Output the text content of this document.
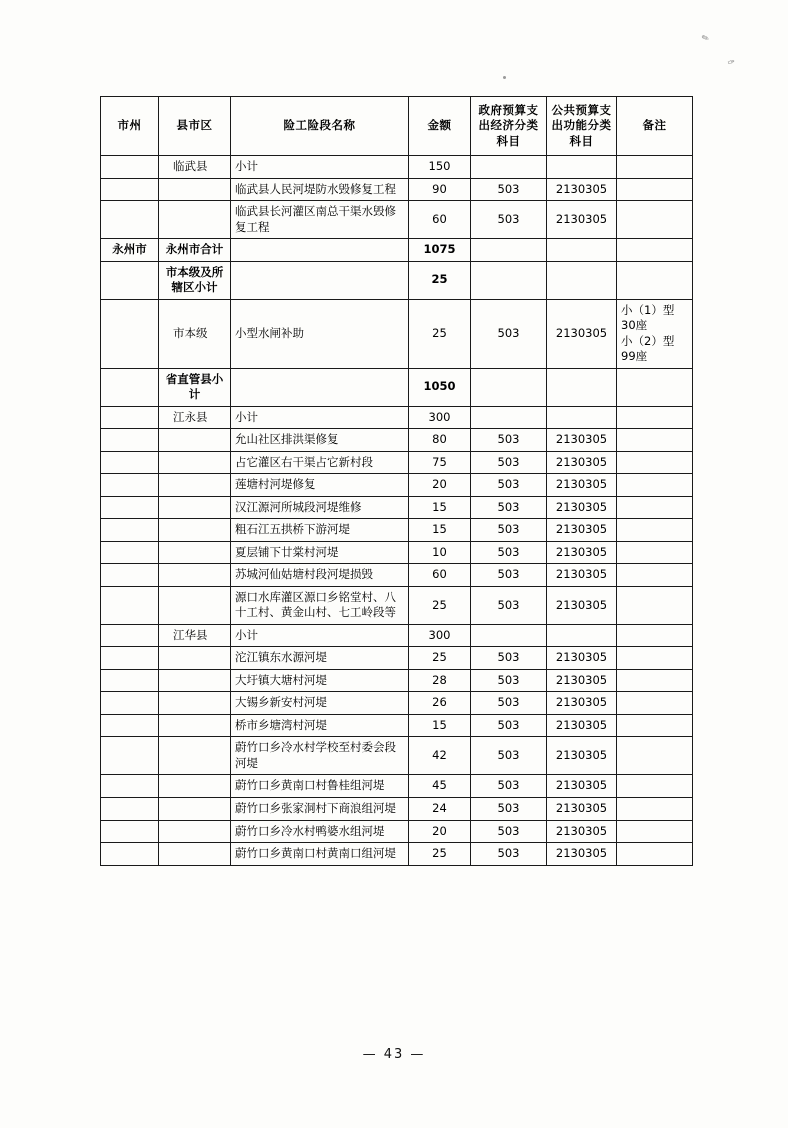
✎
✑
市州	县市区	险工险段名称	金额	政府预算支出经济分类科目	公共预算支出功能分类科目	备注
	临武县	小计	150			
		临武县人民河堤防水毁修复工程	90	503	2130305	
		临武县长河灌区南总干渠水毁修复工程	60	503	2130305	
永州市	永州市合计		1075			
	市本级及所辖区小计		25			
	市本级	小型水闸补助	25	503	2130305	小（1）型30座
小（2）型99座
	省直管县小计		1050			
	江永县	小计	300			
		允山社区排洪渠修复	80	503	2130305	
		占它灌区右干渠占它新村段	75	503	2130305	
		莲塘村河堤修复	20	503	2130305	
		汉江源河所城段河堤维修	15	503	2130305	
		粗石江五拱桥下游河堤	15	503	2130305	
		夏层铺下廿棠村河堤	10	503	2130305	
		苏城河仙姑塘村段河堤损毁	60	503	2130305	
		源口水库灌区源口乡铭堂村、八十工村、黄金山村、七工岭段等	25	503	2130305	
	江华县	小计	300			
		沱江镇东水源河堤	25	503	2130305	
		大圩镇大塘村河堤	28	503	2130305	
		大锡乡新安村河堤	26	503	2130305	
		桥市乡塘湾村河堤	15	503	2130305	
		蔚竹口乡冷水村学校至村委会段河堤	42	503	2130305	
		蔚竹口乡黄南口村鲁桂组河堤	45	503	2130305	
		蔚竹口乡张家洞村下商浪组河堤	24	503	2130305	
		蔚竹口乡冷水村鸭婆水组河堤	20	503	2130305	
		蔚竹口乡黄南口村黄南口组河堤	25	503	2130305	
— 43 —
